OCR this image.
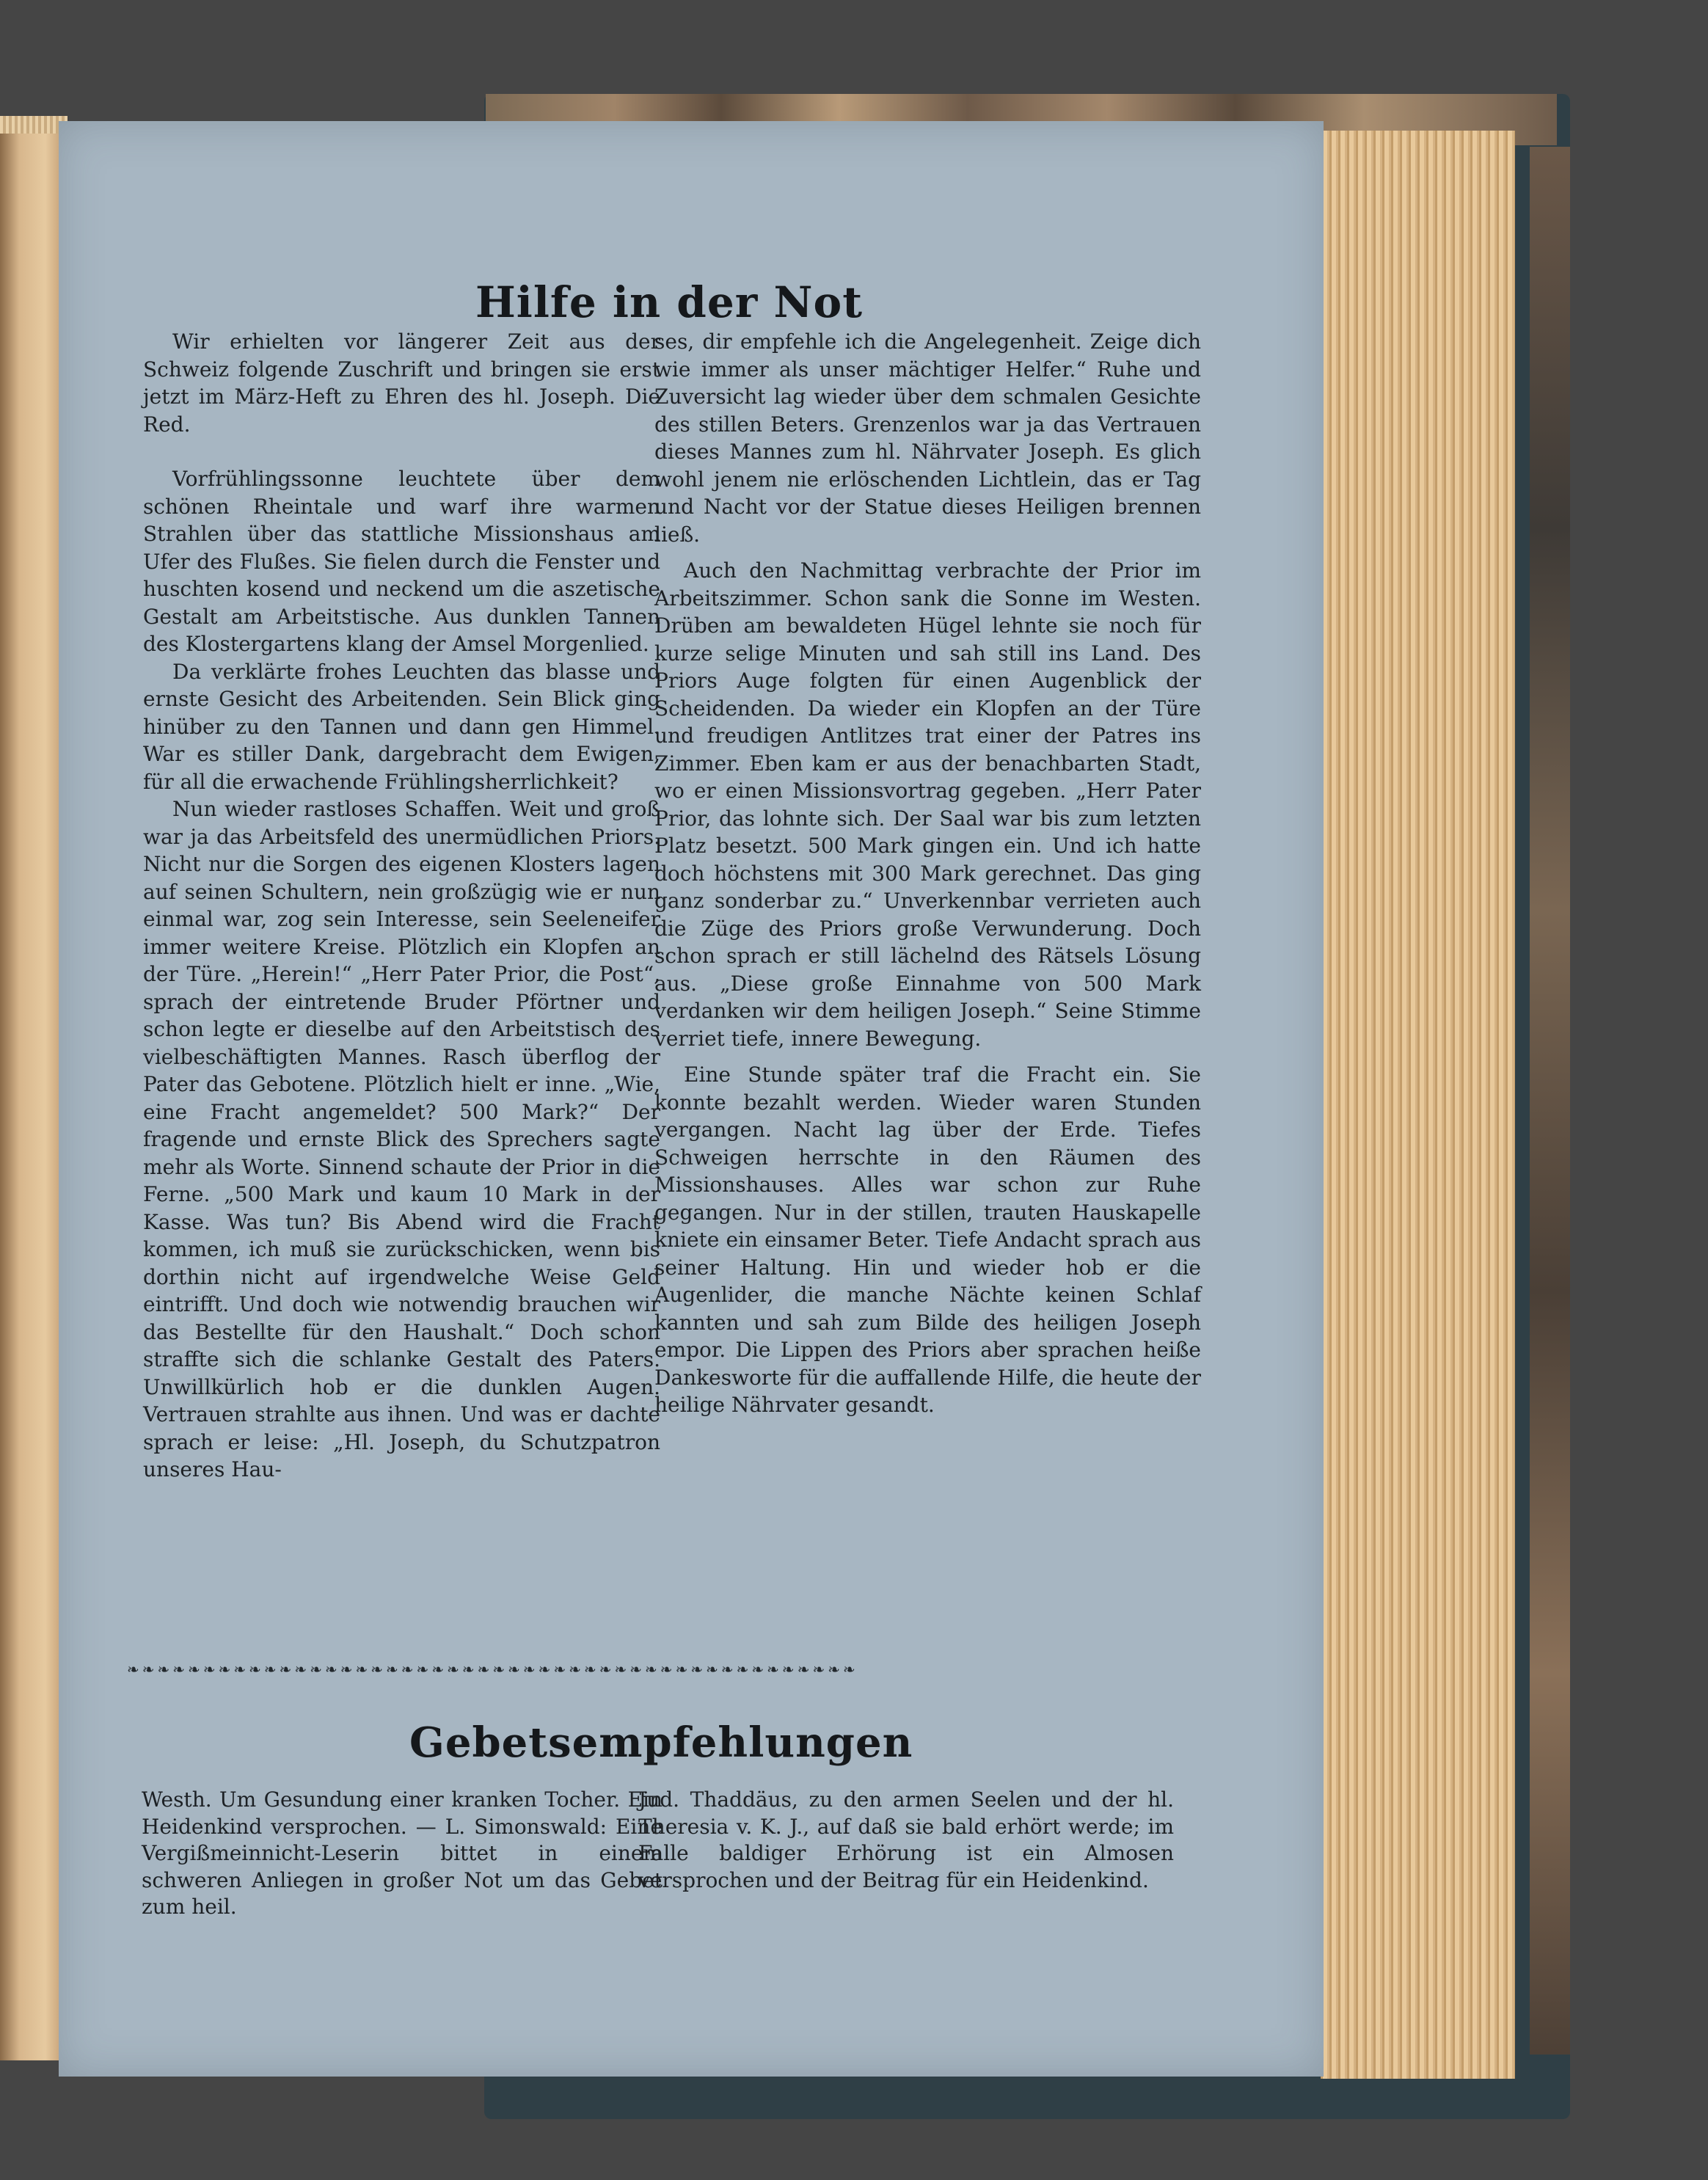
Hilfe in der Not

Wir erhielten vor längerer Zeit aus der Schweiz folgende Zuschrift und bringen sie erst jetzt im März-Heft zu Ehren des hl. Joseph. Die Red.

Vorfrühlingssonne leuchtete über dem schönen Rheintale und warf ihre warmen Strahlen über das stattliche Missionshaus am Ufer des Flußes. Sie fielen durch die Fenster und huschten kosend und neckend um die aszetische Gestalt am Arbeitstische. Aus dunklen Tannen des Klostergartens klang der Amsel Morgenlied.

Da verklärte frohes Leuchten das blasse und ernste Gesicht des Arbeitenden. Sein Blick ging hinüber zu den Tannen und dann gen Himmel. War es stiller Dank, dargebracht dem Ewigen, für all die erwachende Frühlingsherrlichkeit?

Nun wieder rastloses Schaffen. Weit und groß war ja das Arbeitsfeld des unermüdlichen Priors. Nicht nur die Sorgen des eigenen Klosters lagen auf seinen Schultern, nein großzügig wie er nun einmal war, zog sein Interesse, sein Seeleneifer immer weitere Kreise. Plötzlich ein Klopfen an der Türe. „Herein!“ „Herr Pater Prior, die Post“, sprach der eintretende Bruder Pförtner und schon legte er dieselbe auf den Arbeitstisch des vielbeschäftigten Mannes. Rasch überflog der Pater das Gebotene. Plötzlich hielt er inne. „Wie, eine Fracht angemeldet? 500 Mark?“ Der fragende und ernste Blick des Sprechers sagte mehr als Worte. Sinnend schaute der Prior in die Ferne. „500 Mark und kaum 10 Mark in der Kasse. Was tun? Bis Abend wird die Fracht kommen, ich muß sie zurückschicken, wenn bis dorthin nicht auf irgendwelche Weise Geld eintrifft. Und doch wie notwendig brauchen wir das Bestellte für den Haushalt.“ Doch schon straffte sich die schlanke Gestalt des Paters. Unwillkürlich hob er die dunklen Augen. Vertrauen strahlte aus ihnen. Und was er dachte sprach er leise: „Hl. Joseph, du Schutzpatron unseres Hau-

ses, dir empfehle ich die Angelegenheit. Zeige dich wie immer als unser mächtiger Helfer.“ Ruhe und Zuversicht lag wieder über dem schmalen Gesichte des stillen Beters. Grenzenlos war ja das Vertrauen dieses Mannes zum hl. Nährvater Joseph. Es glich wohl jenem nie erlöschenden Lichtlein, das er Tag und Nacht vor der Statue dieses Heiligen brennen ließ.

Auch den Nachmittag verbrachte der Prior im Arbeitszimmer. Schon sank die Sonne im Westen. Drüben am bewaldeten Hügel lehnte sie noch für kurze selige Minuten und sah still ins Land. Des Priors Auge folgten für einen Augenblick der Scheidenden. Da wieder ein Klopfen an der Türe und freudigen Antlitzes trat einer der Patres ins Zimmer. Eben kam er aus der benachbarten Stadt, wo er einen Missionsvortrag gegeben. „Herr Pater Prior, das lohnte sich. Der Saal war bis zum letzten Platz besetzt. 500 Mark gingen ein. Und ich hatte doch höchstens mit 300 Mark gerechnet. Das ging ganz sonderbar zu.“ Unverkennbar verrieten auch die Züge des Priors große Verwunderung. Doch schon sprach er still lächelnd des Rätsels Lösung aus. „Diese große Einnahme von 500 Mark verdanken wir dem heiligen Joseph.“ Seine Stimme verriet tiefe, innere Bewegung.

Eine Stunde später traf die Fracht ein. Sie konnte bezahlt werden. Wieder waren Stunden vergangen. Nacht lag über der Erde. Tiefes Schweigen herrschte in den Räumen des Missionshauses. Alles war schon zur Ruhe gegangen. Nur in der stillen, trauten Hauskapelle kniete ein einsamer Beter. Tiefe Andacht sprach aus seiner Haltung. Hin und wieder hob er die Augenlider, die manche Nächte keinen Schlaf kannten und sah zum Bilde des heiligen Joseph empor. Die Lippen des Priors aber sprachen heiße Dankesworte für die auffallende Hilfe, die heute der heilige Nährvater gesandt.

❧❧❧❧❧❧❧❧❧❧❧❧❧❧❧❧❧❧❧❧❧❧❧❧❧❧❧❧❧❧❧❧❧❧❧❧❧❧❧❧❧❧❧❧❧❧❧❧
Gebetsempfehlungen

Westh. Um Gesundung einer kranken Tocher. Ein Heidenkind versprochen. — L. Simonswald: Eine Vergißmeinnicht-Leserin bittet in einem schweren Anliegen in großer Not um das Gebet zum heil.

Jud. Thaddäus, zu den armen Seelen und der hl. Theresia v. K. J., auf daß sie bald erhört werde; im Falle baldiger Erhörung ist ein Almosen versprochen und der Beitrag für ein Heidenkind.
